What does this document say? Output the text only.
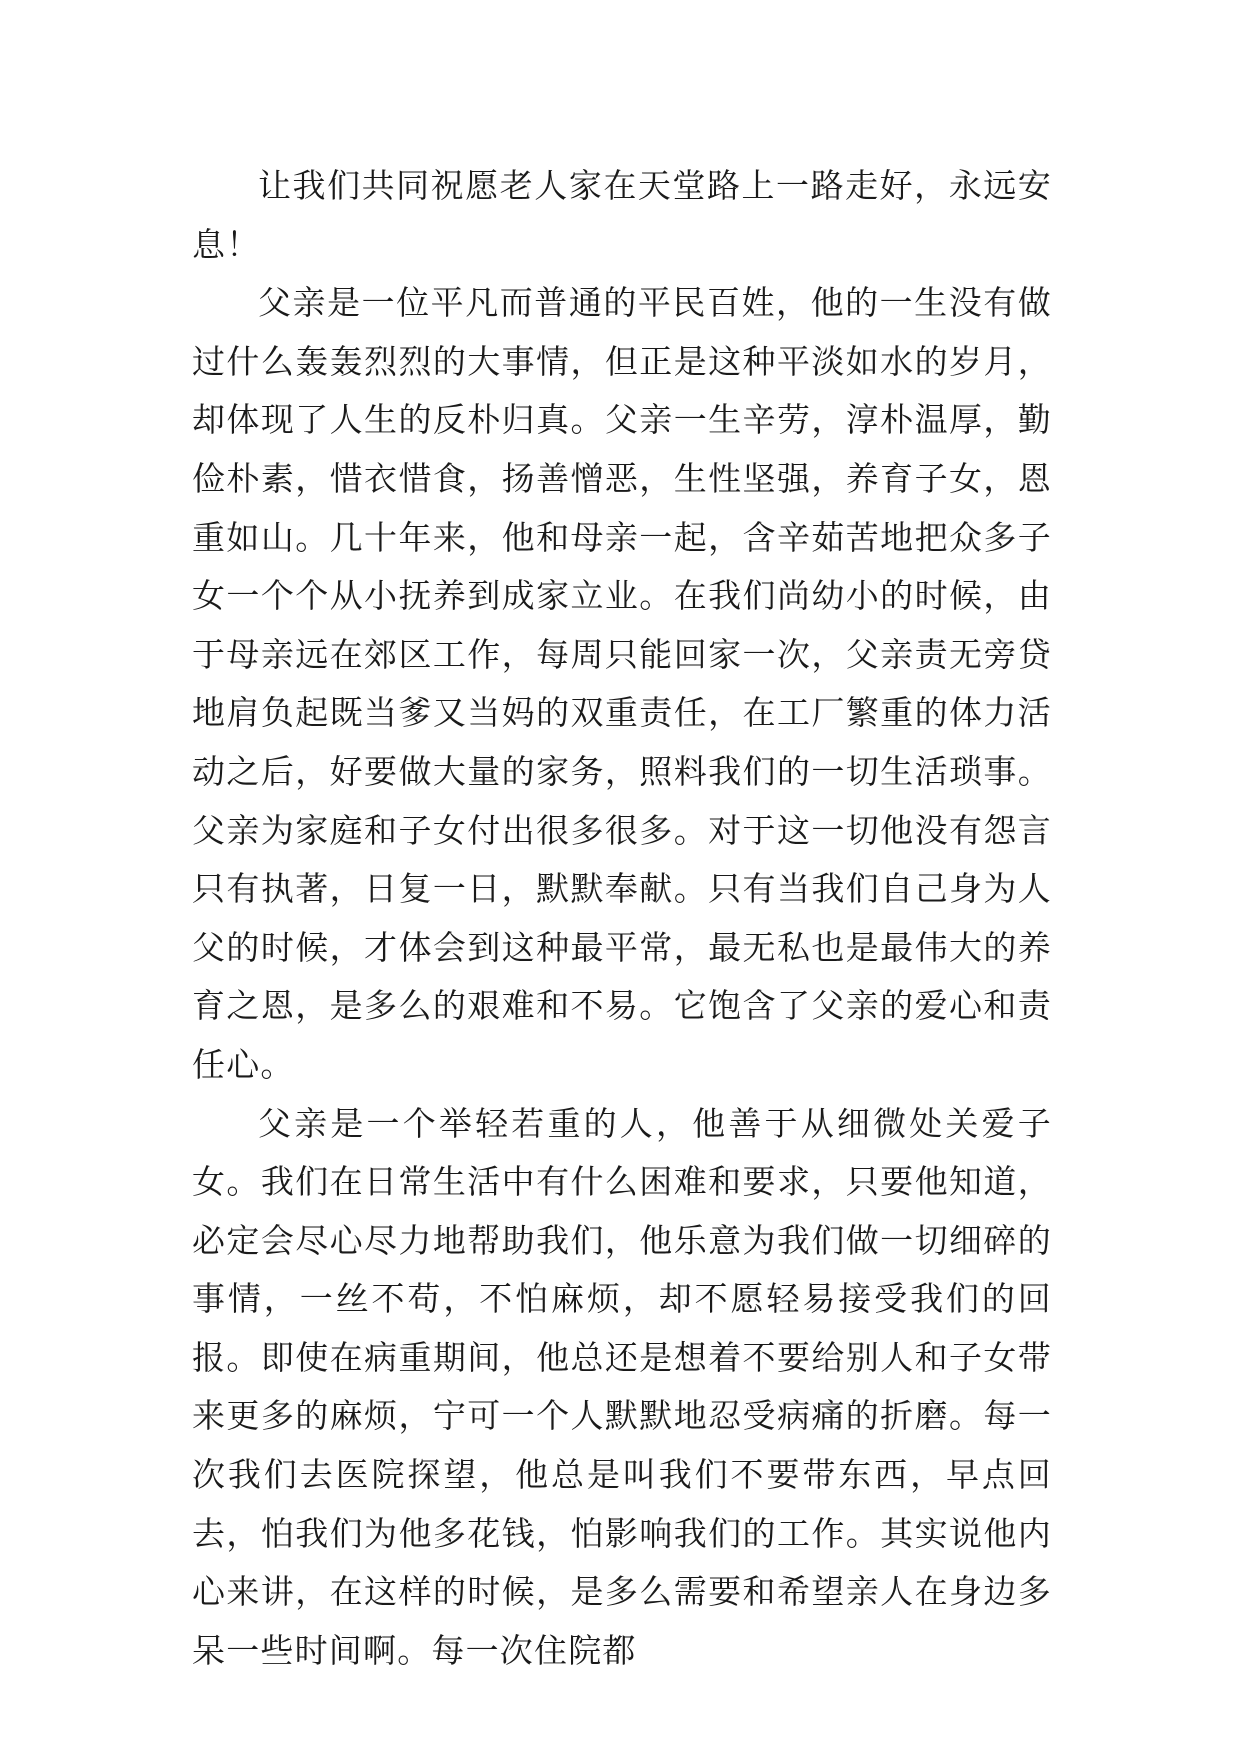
让我们共同祝愿老人家在天堂路上一路走好，永远安息！

父亲是一位平凡而普通的平民百姓，他的一生没有做过什么轰轰烈烈的大事情，但正是这种平淡如水的岁月，却体现了人生的反朴归真。父亲一生辛劳，淳朴温厚，勤俭朴素，惜衣惜食，扬善憎恶，生性坚强，养育子女，恩重如山。几十年来，他和母亲一起，含辛茹苦地把众多子女一个个从小抚养到成家立业。在我们尚幼小的时候，由于母亲远在郊区工作，每周只能回家一次，父亲责无旁贷地肩负起既当爹又当妈的双重责任，在工厂繁重的体力活动之后，好要做大量的家务，照料我们的一切生活琐事。父亲为家庭和子女付出很多很多。对于这一切他没有怨言只有执著，日复一日，默默奉献。只有当我们自己身为人父的时候，才体会到这种最平常，最无私也是最伟大的养育之恩，是多么的艰难和不易。它饱含了父亲的爱心和责任心。

父亲是一个举轻若重的人，他善于从细微处关爱子女。我们在日常生活中有什么困难和要求，只要他知道，必定会尽心尽力地帮助我们，他乐意为我们做一切细碎的事情，一丝不苟，不怕麻烦，却不愿轻易接受我们的回报。即使在病重期间，他总还是想着不要给别人和子女带来更多的麻烦，宁可一个人默默地忍受病痛的折磨。每一次我们去医院探望，他总是叫我们不要带东西，早点回去，怕我们为他多花钱，怕影响我们的工作。其实说他内心来讲，在这样的时候，是多么需要和希望亲人在身边多呆一些时间啊。每一次住院都
